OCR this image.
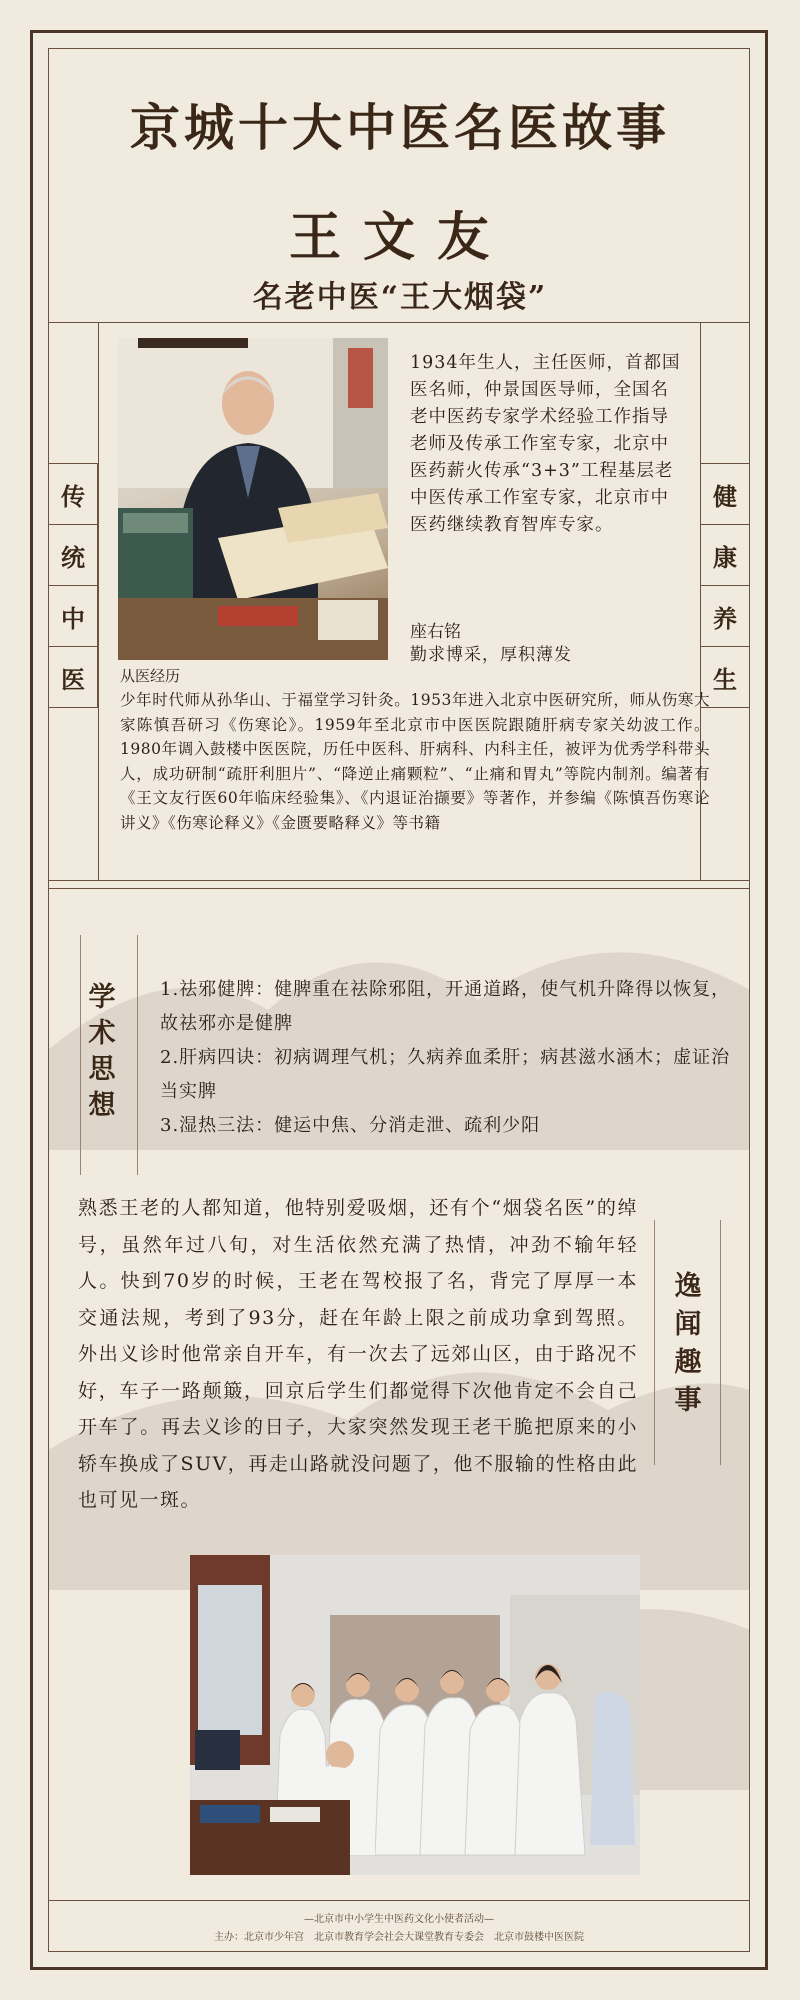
京城十大中医名医故事
王文友
名老中医“王大烟袋”
传
统
中
医
健
康
养
生
1934年生人，主任医师，首都国医名师，仲景国医导师，全国名老中医药专家学术经验工作指导老师及传承工作室专家，北京中医药薪火传承“3+3”工程基层老中医传承工作室专家，北京市中医药继续教育智库专家。
座右铭
勤求博采，厚积薄发
从医经历
少年时代师从孙华山、于福堂学习针灸。1953年进入北京中医研究所，师从伤寒大家陈慎吾研习《伤寒论》。1959年至北京市中医医院跟随肝病专家关幼波工作。1980年调入鼓楼中医医院，历任中医科、肝病科、内科主任，被评为优秀学科带头人，成功研制“疏肝利胆片”、“降逆止痛颗粒”、“止痛和胃丸”等院内制剂。编著有《王文友行医60年临床经验集》、《内退证治撷要》等著作，并参编《陈慎吾伤寒论讲义》《伤寒论释义》《金匮要略释义》等书籍
学
术
思
想
1.祛邪健脾：健脾重在祛除邪阻，开通道路，使气机升降得以恢复，故祛邪亦是健脾
2.肝病四诀：初病调理气机；久病养血柔肝；病甚滋水涵木；虚证治当实脾
3.湿热三法：健运中焦、分消走泄、疏利少阳
熟悉王老的人都知道，他特别爱吸烟，还有个“烟袋名医”的绰号，虽然年过八旬，对生活依然充满了热情，冲劲不输年轻人。快到70岁的时候，王老在驾校报了名，背完了厚厚一本交通法规，考到了93分，赶在年龄上限之前成功拿到驾照。外出义诊时他常亲自开车，有一次去了远郊山区，由于路况不好，车子一路颠簸，回京后学生们都觉得下次他肯定不会自己开车了。再去义诊的日子，大家突然发现王老干脆把原来的小轿车换成了SUV，再走山路就没问题了，他不服输的性格由此也可见一斑。
逸
闻
趣
事
—北京市中小学生中医药文化小使者活动—
主办：北京市少年宫　北京市教育学会社会大课堂教育专委会　北京市鼓楼中医医院
